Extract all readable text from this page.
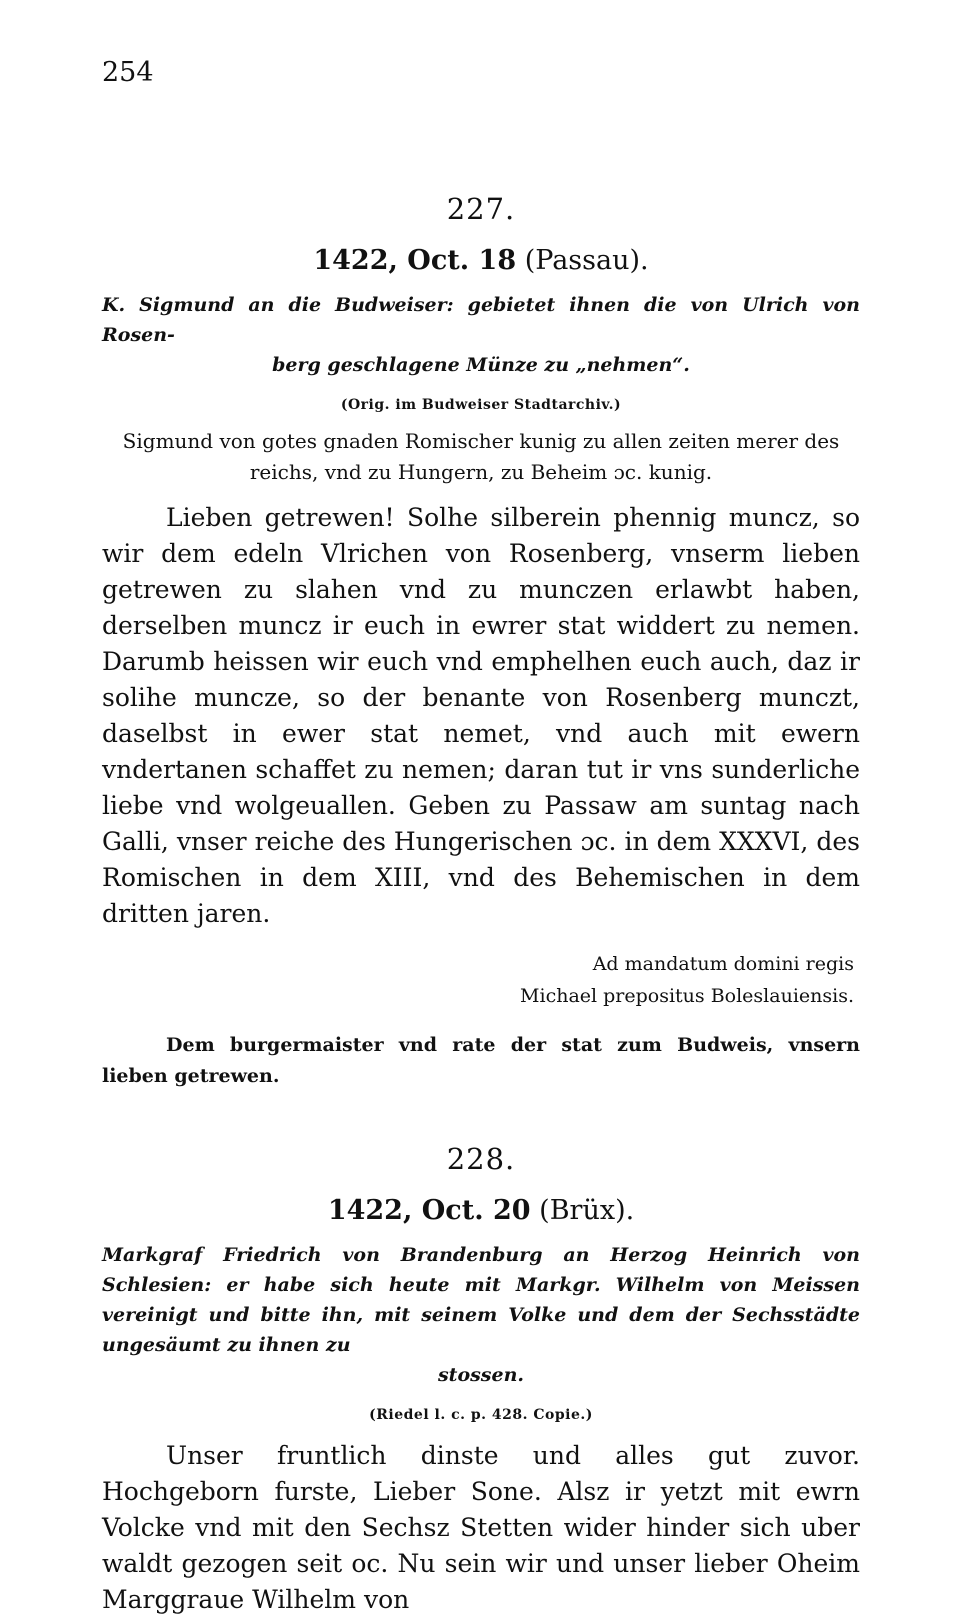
254

227.

1422, Oct. 18 (Passau).

K. Sigmund an die Budweiser: gebietet ihnen die von Ulrich von Rosen-
berg geschlagene Münze zu „nehmen“.

(Orig. im Budweiser Stadtarchiv.)

Sigmund von gotes gnaden Romischer kunig zu allen zeiten merer des reichs, vnd zu Hungern, zu Beheim ɔc. kunig.

Lieben getrewen! Solhe silberein phennig muncz, so wir dem edeln Vlrichen von Rosenberg, vnserm lieben getrewen zu slahen vnd zu munczen erlawbt haben, derselben muncz ir euch in ewrer stat widdert zu nemen. Darumb heissen wir euch vnd emphelhen euch auch, daz ir solihe muncze, so der benante von Rosenberg munczt, daselbst in ewer stat nemet, vnd auch mit ewern vndertanen schaffet zu nemen; daran tut ir vns sunderliche liebe vnd wolgeuallen. Geben zu Passaw am suntag nach Galli, vnser reiche des Hungerischen ɔc. in dem XXXVI, des Romischen in dem XIII, vnd des Behemischen in dem dritten jaren.

Ad mandatum domini regis
Michael prepositus Boleslauiensis.

Dem burgermaister vnd rate der stat zum Budweis, vnsern lieben getrewen.

228.

1422, Oct. 20 (Brüx).

Markgraf Friedrich von Brandenburg an Herzog Heinrich von Schlesien: er habe sich heute mit Markgr. Wilhelm von Meissen vereinigt und bitte ihn, mit seinem Volke und dem der Sechsstädte ungesäumt zu ihnen zu
stossen.

(Riedel l. c. p. 428. Copie.)

Unser fruntlich dinste und alles gut zuvor. Hochgeborn furste, Lieber Sone. Alsz ir yetzt mit ewrn Volcke vnd mit den Sechsz Stetten wider hinder sich uber waldt gezogen seit oc. Nu sein wir und unser lieber Oheim Marggraue Wilhelm von
